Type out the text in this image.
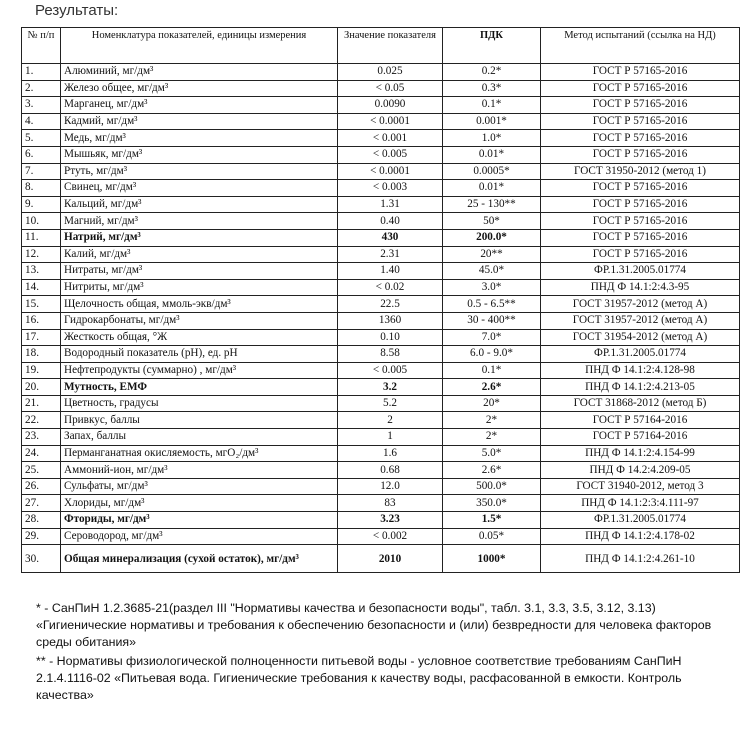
Результаты:
№ п/п	Номенклатура показателей, единицы измерения	Значение показателя	ПДК	Метод испытаний (ссылка на НД)
1.	Алюминий, мг/дм³	0.025	0.2*	ГОСТ Р 57165-2016
2.	Железо общее, мг/дм³	< 0.05	0.3*	ГОСТ Р 57165-2016
3.	Марганец, мг/дм³	0.0090	0.1*	ГОСТ Р 57165-2016
4.	Кадмий, мг/дм³	< 0.0001	0.001*	ГОСТ Р 57165-2016
5.	Медь, мг/дм³	< 0.001	1.0*	ГОСТ Р 57165-2016
6.	Мышьяк, мг/дм³	< 0.005	0.01*	ГОСТ Р 57165-2016
7.	Ртуть, мг/дм³	< 0.0001	0.0005*	ГОСТ 31950-2012 (метод 1)
8.	Свинец, мг/дм³	< 0.003	0.01*	ГОСТ Р 57165-2016
9.	Кальций, мг/дм³	1.31	25 - 130**	ГОСТ Р 57165-2016
10.	Магний, мг/дм³	0.40	50*	ГОСТ Р 57165-2016
11.	Натрий, мг/дм³	430	200.0*	ГОСТ Р 57165-2016
12.	Калий, мг/дм³	2.31	20**	ГОСТ Р 57165-2016
13.	Нитраты, мг/дм³	1.40	45.0*	ФР.1.31.2005.01774
14.	Нитриты, мг/дм³	< 0.02	3.0*	ПНД Ф 14.1:2:4.3-95
15.	Щелочность общая, ммоль-экв/дм³	22.5	0.5 - 6.5**	ГОСТ 31957-2012 (метод А)
16.	Гидрокарбонаты, мг/дм³	1360	30 - 400**	ГОСТ 31957-2012 (метод А)
17.	Жесткость общая, °Ж	0.10	7.0*	ГОСТ 31954-2012 (метод А)
18.	Водородный показатель (pH), ед. pH	8.58	6.0 - 9.0*	ФР.1.31.2005.01774
19.	Нефтепродукты (суммарно) , мг/дм³	< 0.005	0.1*	ПНД Ф 14.1:2:4.128-98
20.	Мутность, ЕМФ	3.2	2.6*	ПНД Ф 14.1:2:4.213-05
21.	Цветность, градусы	5.2	20*	ГОСТ 31868-2012 (метод Б)
22.	Привкус, баллы	2	2*	ГОСТ Р 57164-2016
23.	Запах, баллы	1	2*	ГОСТ Р 57164-2016
24.	Перманганатная окисляемость, мгО₂/дм³	1.6	5.0*	ПНД Ф 14.1:2:4.154-99
25.	Аммоний-ион, мг/дм³	0.68	2.6*	ПНД Ф 14.2:4.209-05
26.	Сульфаты, мг/дм³	12.0	500.0*	ГОСТ 31940-2012, метод 3
27.	Хлориды, мг/дм³	83	350.0*	ПНД Ф 14.1:2:3:4.111-97
28.	Фториды, мг/дм³	3.23	1.5*	ФР.1.31.2005.01774
29.	Сероводород, мг/дм³	< 0.002	0.05*	ПНД Ф 14.1:2:4.178-02
30.	Общая минерализация (сухой остаток), мг/дм³	2010	1000*	ПНД Ф 14.1:2:4.261-10

* - СанПиН 1.2.3685-21(раздел III "Нормативы качества и безопасности воды", табл. 3.1, 3.3, 3.5, 3.12, 3.13) «Гигиенические нормативы и требования к обеспечению безопасности и (или) безвредности для человека факторов среды обитания»

** - Нормативы физиологической полноценности питьевой воды - условное соответствие требованиям СанПиН 2.1.4.1116-02 «Питьевая вода. Гигиенические требования к качеству воды, расфасованной в емкости. Контроль качества»
